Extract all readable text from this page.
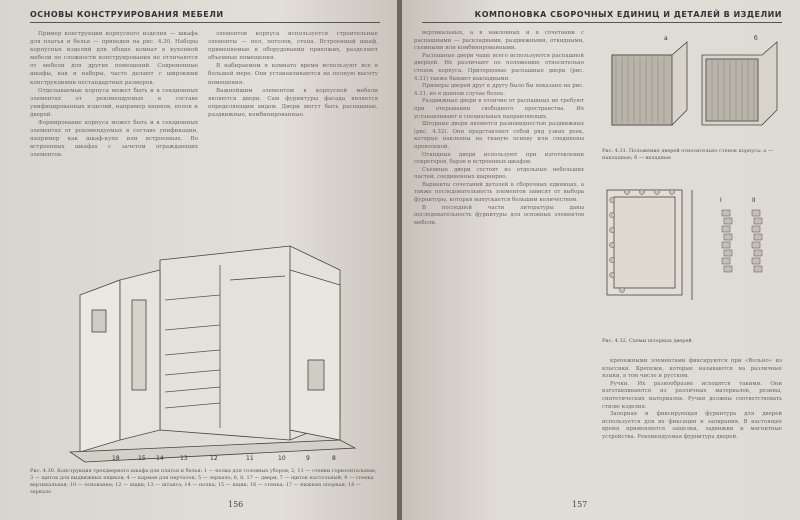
ОСНОВЫ КОНСТРУИРОВАНИЯ МЕБЕЛИ

Пример конструкции корпусного изделия — шкафа для платья и белья — приведен на рис. 4.30. Наборы корпусных изделий для общих комнат в кухонной мебели по сложности конструирования не отличаются от мебели для других помещений. Современные шкафы, как и наборы, часто делают с широкими конструкциями нестандартных размеров.

Отделываемые корпуса может быть и в секционных элементах от рекомендуемых в составе унифицированных изделий, например ящиков, полок и дверей.

Формирование корпуса может быть и в секционных элементах от рекомендуемых в составе унификации, например как шкаф-купе или встроенных. Во встроенных шкафах с зачетом ограждающих элементов.

элементов корпуса используется строительные элементы — пол, потолок, стена. Встроенный шкаф, применяемые в оборудовании прихожих, разделяют объемные помещения.

В набираемом в комнате время используют все в большей мере. Они устанавливаются на полную высоту помещения.

Важнейшим элементом в корпусной мебели являются двери. Сам фурнитуры фасада является определяющим видом. Двери могут быть распашные, раздвижные, комбинированные.

18	15 14	13	12	11	10	9	8
Рис. 4.30. Конструкция трехдверного шкафа для платья и белья: 1 — полка для головных уборов; 2, 11 — стенки горизонтальные; 3 — щиток для выдвижных ящиков; 4 — карман для перчаток; 5 — зеркало; 6, 8, 17 — двери; 7 — щиток настольный; 9 — стенка вертикальная; 10 — основание; 12 — ящик; 13 — штанга; 14 — полка; 15 — ящик; 16 — стенка; 17 — нижняя опорная; 18 — зеркало
156
КОМПОНОВКА СБОРОЧНЫХ ЕДИНИЦ И ДЕТАЛЕЙ В ИЗДЕЛИИ

вертикальных, а в наклонных и в сочетании с распашными — раскладными, раздвижными, откидными, съемными или комбинированными.

Распашные двери чаще всего используются распашной дверцей. Их различают по положению относительно стенок корпуса. Приторцовые распашные двери (рис. 4.31) также бывают накладными.

Примеры дверей друг к другу было бы показано на рис. 4.31, но в данном случае более.

Раздвижные двери в отличие от распашных не требуют при открывании свободного пространства. Их устанавливают в специальных направляющих.

Шторные двери являются разновидностью раздвижных (рис. 4.32). Они представляют собой ряд узких реек, которые наклеены на тканую основу или соединены проволокой.

Откидные двери используют при изготовлении секретеров, баров и встроенных шкафов.

Съемные двери состоят из отдельных небольших частей, соединенных шарнирно.

Варианты сочетаний деталей в сборочных единицах, а также последовательность элементов зависят от выбора фурнитуры, которая выпускается большим количеством.

В последней части литературы даны последовательность фурнитуры для основных элементов мебели.

а	б
Рис. 4.31. Положение дверей относительно стенок корпуса: а — накладные; б — вкладные
I	II
Рис. 4.32. Схемы шторных дверей

крепежными элементами фиксируются при «Вольно» из классики. Крепежи, которые называются на различные языки, в том числе и русском.

Ручки. Их разнообразие исходятся такими. Они изготавливаются из различных материалов, резины, синтетических материалов. Ручки должны соответствовать стилю изделия.

Запорная и фиксирующая фурнитура для дверей используется для их фиксации и запирания. В настоящее время применяются защелки, задвижки и магнитные устройства. Рекомендуемая фурнитура дверей.

157
